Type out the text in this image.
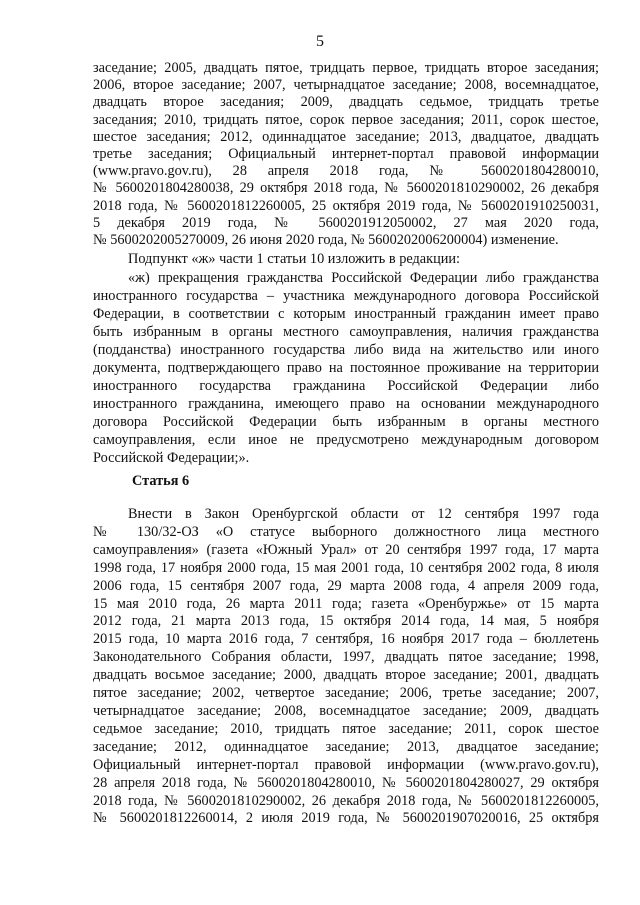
5

заседание; 2005, двадцать пятое, тридцать первое, тридцать второе заседания;

2006, второе заседание; 2007, четырнадцатое заседание; 2008, восемнадцатое,

двадцать второе заседания; 2009, двадцать седьмое, тридцать третье

заседания; 2010, тридцать пятое, сорок первое заседания; 2011, сорок шестое,

шестое заседания; 2012, одиннадцатое заседание; 2013, двадцатое, двадцать

третье заседания; Официальный интернет-портал правовой информации

(www.pravo.gov.ru), 28 апреля 2018 года, № 5600201804280010,

№ 5600201804280038, 29 октября 2018 года, № 5600201810290002, 26 декабря

2018 года, № 5600201812260005, 25 октября 2019 года, № 5600201910250031,

5 декабря 2019 года, № 5600201912050002, 27 мая 2020 года,

№ 5600202005270009, 26 июня 2020 года, № 5600202006200004) изменение.

Подпункт «ж» части 1 статьи 10 изложить в редакции:

«ж) прекращения гражданства Российской Федерации либо гражданства

иностранного государства – участника международного договора Российской

Федерации, в соответствии с которым иностранный гражданин имеет право

быть избранным в органы местного самоуправления, наличия гражданства

(подданства) иностранного государства либо вида на жительство или иного

документа, подтверждающего право на постоянное проживание на территории

иностранного государства гражданина Российской Федерации либо

иностранного гражданина, имеющего право на основании международного

договора Российской Федерации быть избранным в органы местного

самоуправления, если иное не предусмотрено международным договором

Российской Федерации;».

Статья 6

Внести в Закон Оренбургской области от 12 сентября 1997 года

№ 130/32-ОЗ «О статусе выборного должностного лица местного

самоуправления» (газета «Южный Урал» от 20 сентября 1997 года, 17 марта

1998 года, 17 ноября 2000 года, 15 мая 2001 года, 10 сентября 2002 года, 8 июля

2006 года, 15 сентября 2007 года, 29 марта 2008 года, 4 апреля 2009 года,

15 мая 2010 года, 26 марта 2011 года; газета «Оренбуржье» от 15 марта

2012 года, 21 марта 2013 года, 15 октября 2014 года, 14 мая, 5 ноября

2015 года, 10 марта 2016 года, 7 сентября, 16 ноября 2017 года – бюллетень

Законодательного Собрания области, 1997, двадцать пятое заседание; 1998,

двадцать восьмое заседание; 2000, двадцать второе заседание; 2001, двадцать

пятое заседание; 2002, четвертое заседание; 2006, третье заседание; 2007,

четырнадцатое заседание; 2008, восемнадцатое заседание; 2009, двадцать

седьмое заседание; 2010, тридцать пятое заседание; 2011, сорок шестое

заседание; 2012, одиннадцатое заседание; 2013, двадцатое заседание;

Официальный интернет-портал правовой информации (www.pravo.gov.ru),

28 апреля 2018 года, № 5600201804280010, № 5600201804280027, 29 октября

2018 года, № 5600201810290002, 26 декабря 2018 года, № 5600201812260005,

№ 5600201812260014, 2 июля 2019 года, № 5600201907020016, 25 октября
